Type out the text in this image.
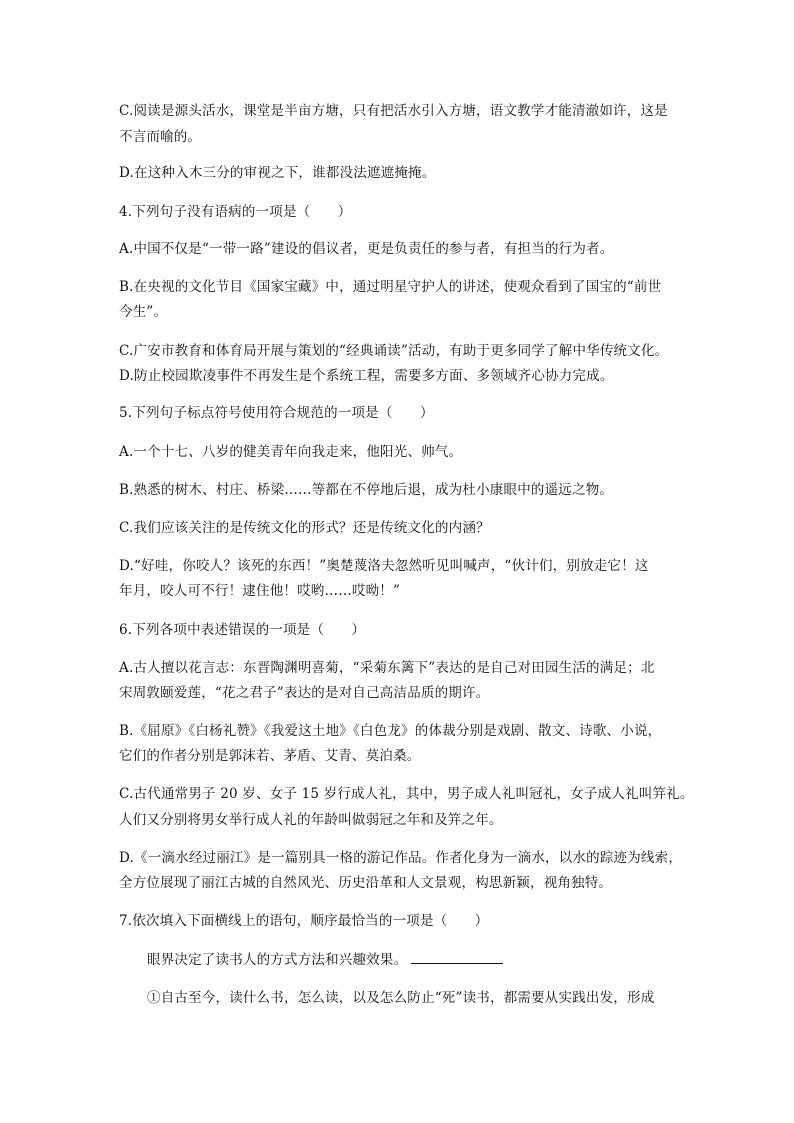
C.阅读是源头活水，课堂是半亩方塘，只有把活水引入方塘，语文教学才能清澈如许，这是
不言而喻的。
D.在这种入木三分的审视之下，谁都没法遮遮掩掩。
4.下列句子没有语病的一项是（　　）
A.中国不仅是“一带一路”建设的倡议者，更是负责任的参与者，有担当的行为者。
B.在央视的文化节目《国家宝藏》中，通过明星守护人的讲述，使观众看到了国宝的“前世
今生”。
C.广安市教育和体育局开展与策划的“经典诵读”活动，有助于更多同学了解中华传统文化。
D.防止校园欺凌事件不再发生是个系统工程，需要多方面、多领域齐心协力完成。
5.下列句子标点符号使用符合规范的一项是（　　）
A.一个十七、八岁的健美青年向我走来，他阳光、帅气。
B.熟悉的树木、村庄、桥梁……等都在不停地后退，成为杜小康眼中的遥远之物。
C.我们应该关注的是传统文化的形式？还是传统文化的内涵？
D.“好哇，你咬人？该死的东西！”奥楚蔑洛夫忽然听见叫喊声，“伙计们，别放走它！这
年月，咬人可不行！逮住他！哎哟……哎呦！”
6.下列各项中表述错误的一项是（　　）
A.古人擅以花言志：东晋陶渊明喜菊，“采菊东篱下”表达的是自己对田园生活的满足；北
宋周敦颐爱莲，“花之君子”表达的是对自己高洁品质的期许。
B.《屈原》《白杨礼赞》《我爱这土地》《白色龙》的体裁分别是戏剧、散文、诗歌、小说，
它们的作者分别是郭沫若、茅盾、艾青、莫泊桑。
C.古代通常男子 20 岁、女子 15 岁行成人礼，其中，男子成人礼叫冠礼，女子成人礼叫笄礼。
人们又分别将男女举行成人礼的年龄叫做弱冠之年和及笄之年。
D.《一滴水经过丽江》是一篇别具一格的游记作品。作者化身为一滴水，以水的踪迹为线索，
全方位展现了丽江古城的自然风光、历史沿革和人文景观，构思新颖，视角独特。
7.依次填入下面横线上的语句，顺序最恰当的一项是（　　）
眼界决定了读书人的方式方法和兴趣效果。
①自古至今，读什么书，怎么读，以及怎么防止“死”读书，都需要从实践出发，形成
